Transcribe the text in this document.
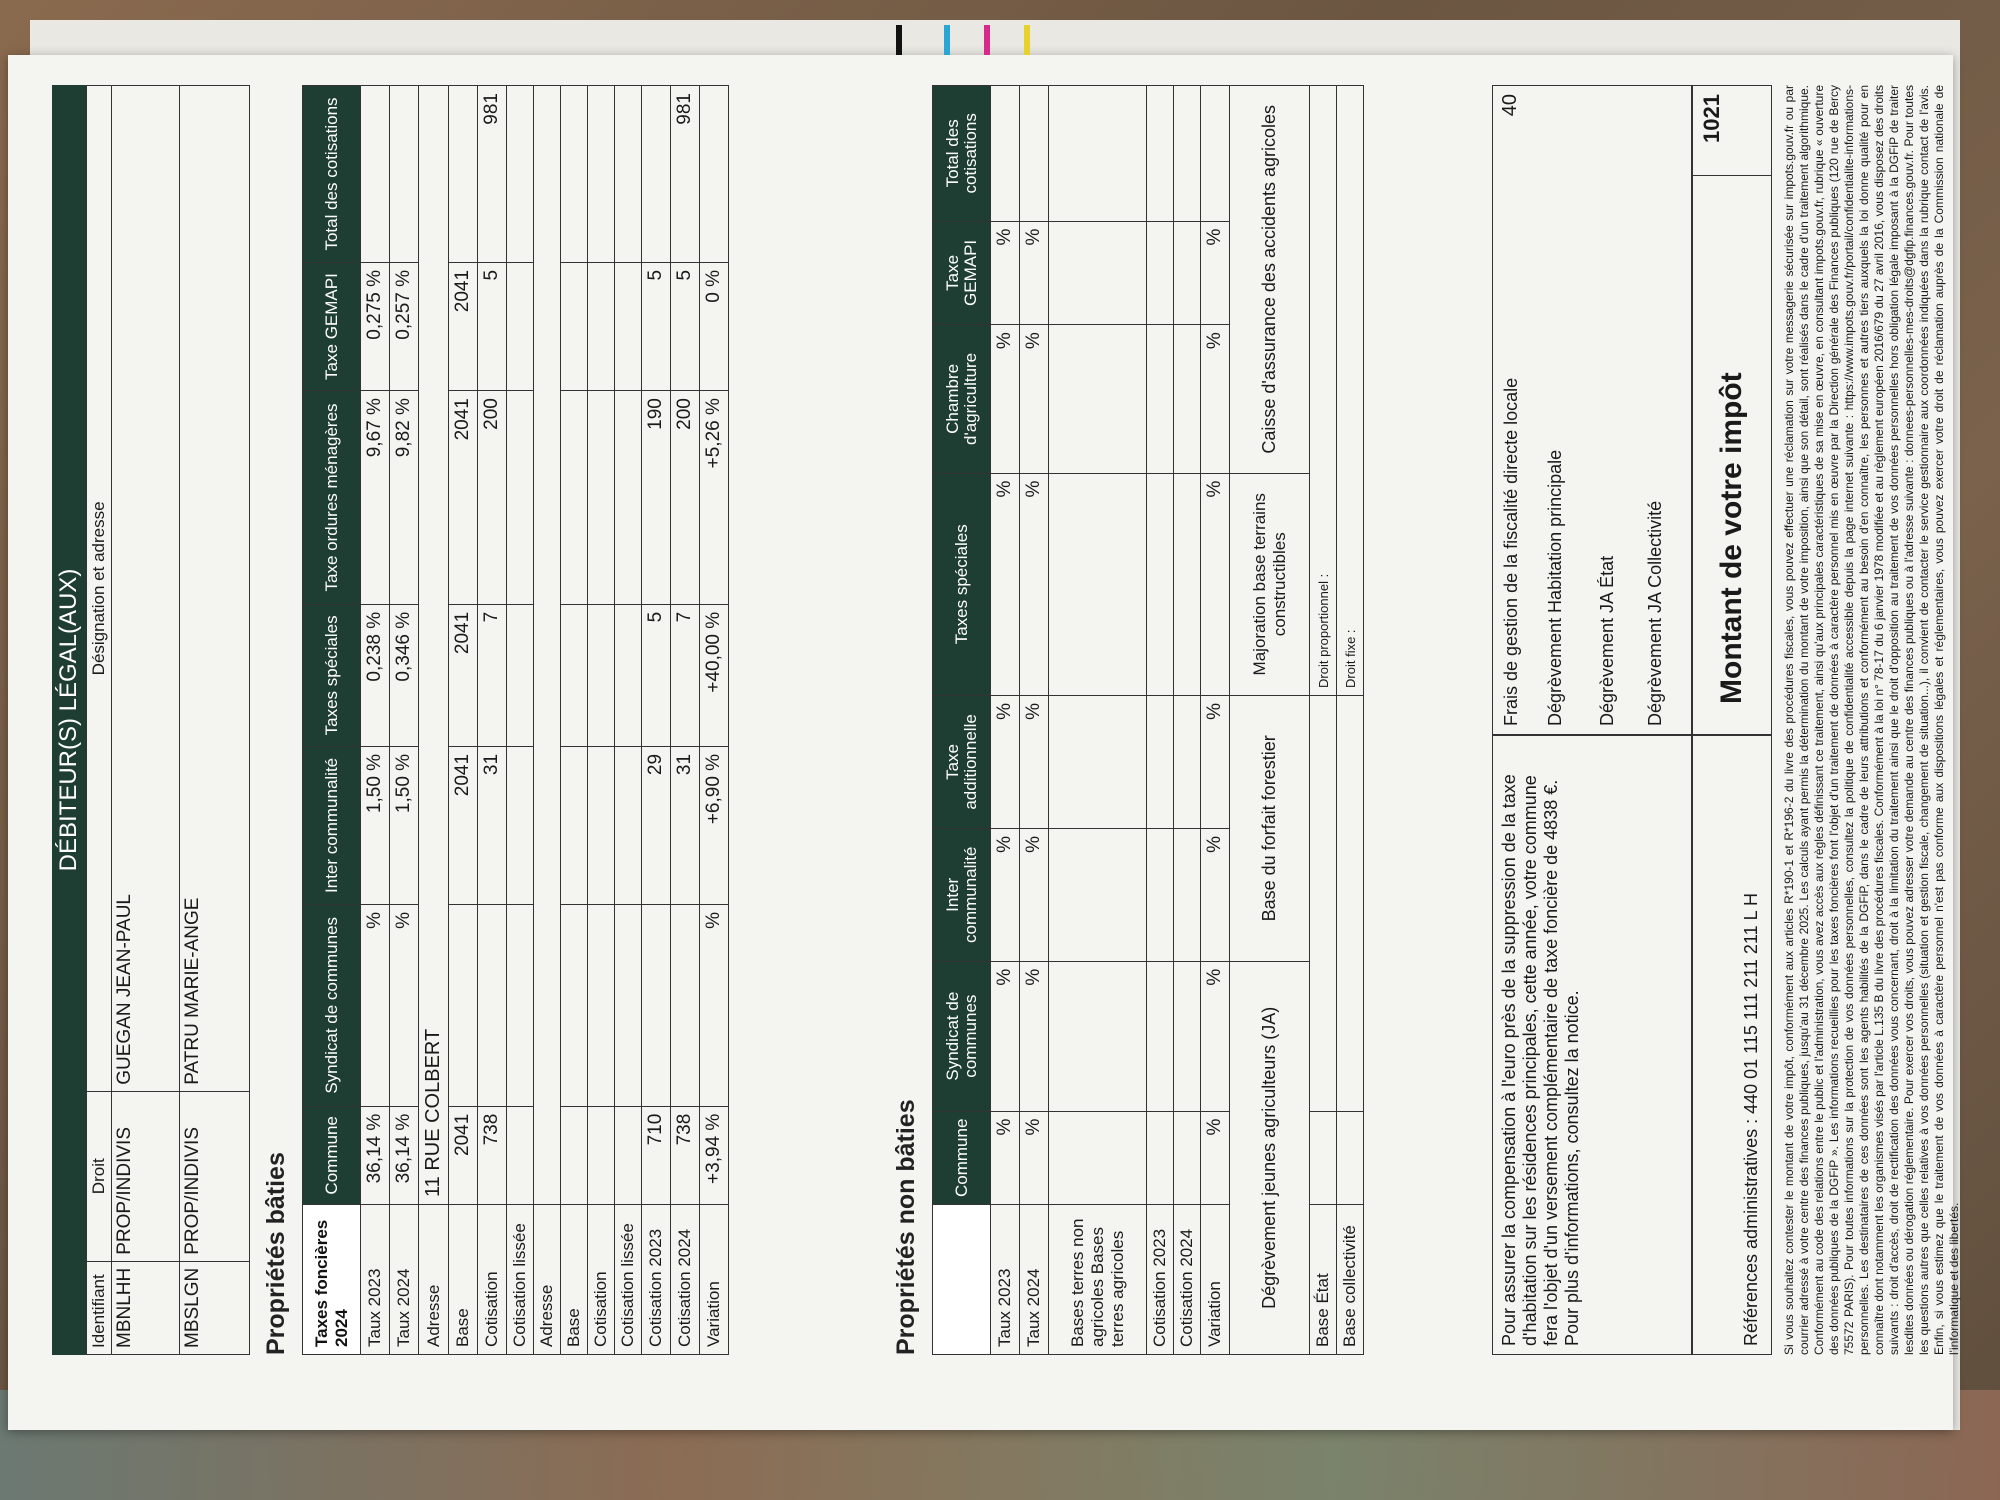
DÉBITEUR(S) LÉGAL(AUX)
Identifiant	Droit	Désignation et adresse
MBNLHH	PROP/INDIVIS	GUEGAN JEAN-PAUL
MBSLGN	PROP/INDIVIS	PATRU MARIE-ANGE
Propriétés bâties Taxes foncières 2024	Commune	Syndicat de communes	Inter communalité	Taxes spéciales	Taxe ordures ménagères	Taxe GEMAPI	Total des cotisations
Taux 2023	36,14 %	%	1,50 %	0,238 %	9,67 %	0,275 %	
Taux 2024	36,14 %	%	1,50 %	0,346 %	9,82 %	0,257 %	
Adresse	11 RUE COLBERT						
Base	2041		2041	2041	2041	2041	
Cotisation	738		31	7	200	5	981
Cotisation lissée							
Adresse							
Base							
Cotisation							
Cotisation lissée							
Cotisation 2023	710		29	5	190	5	
Cotisation 2024	738		31	7	200	5	981
Variation	+3,94 %	%	+6,90 %	+40,00 %	+5,26 %	0 %	
Propriétés non bâties
	Commune	Syndicat de communes	Inter communalité	Taxe additionnelle	Taxes spéciales	Chambre d'agriculture	Taxe GEMAPI	Total des cotisations
Taux 2023	%	%	%	%	%	%	%	
Taux 2024	%	%	%	%	%	%	%	
Bases terres non agricoles Bases terres agricoles								
Cotisation 2023								
Cotisation 2024								
Variation	%	%	%	%	%	%	%	
Dégrèvement jeunes agriculteurs (JA)			Base du forfait forestier		Majoration base terrains constructibles	Caisse d'assurance des accidents agricoles		
Base État					Droit proportionnel :			
Base collectivité					Droit fixe :			
Pour assurer la compensation à l'euro près de la suppression de la taxe d'habitation sur les résidences principales, cette année, votre commune fera l'objet d'un versement complémentaire de taxe foncière de 4838 €.
Pour plus d'informations, consultez la notice.
Frais de gestion de la fiscalité directe locale
40
Dégrèvement Habitation principale	Dégrèvement JA État	Dégrèvement JA Collectivité
Références administratives : 440 01 115 111 211 211 L H
Montant de votre impôt
1021	Si vous souhaitez contester le montant de votre impôt, conformément aux articles R*190-1 et R*196-2 du livre des procédures fiscales, vous pouvez effectuer une réclamation sur votre messagerie sécurisée sur impots.gouv.fr ou par courrier adressé à votre centre des finances publiques, jusqu'au 31 décembre 2025. Les calculs ayant permis la détermination du montant de votre imposition, ainsi que son détail, sont réalisés dans le cadre d'un traitement algorithmique. Conformément au code des relations entre le public et l'administration, vous avez accès aux règles définissant ce traitement, ainsi qu'aux principales caractéristiques de sa mise en œuvre, en consultant impots.gouv.fr, rubrique « ouverture des données publiques de la DGFiP ». Les informations recueillies pour les taxes foncières font l'objet d'un traitement de données à caractère personnel mis en œuvre par la Direction générale des Finances publiques (120 rue de Bercy 75572 PARIS). Pour toutes informations sur la protection de vos données personnelles, consultez la politique de confidentialité accessible depuis la page internet suivante : https://www.impots.gouv.fr/portail/confidentialite-informations-personnelles. Les destinataires de ces données sont les agents habilités de la DGFiP, dans le cadre de leurs attributions et conformément au besoin d'en connaître, les personnes et autres tiers auxquels la loi donne qualité pour en connaître dont notamment les organismes visés par l'article L.135 B du livre des procédures fiscales. Conformément à la loi n° 78-17 du 6 janvier 1978 modifiée et au règlement européen 2016/679 du 27 avril 2016, vous disposez des droits suivants : droit d'accès, droit de rectification des données vous concernant, droit à la limitation du traitement ainsi que le droit d'opposition au traitement de vos données personnelles hors obligation légale imposant à la DGFiP de traiter lesdites données ou dérogation réglementaire. Pour exercer vos droits, vous pouvez adresser votre demande au centre des finances publiques ou à l'adresse suivante : donnees-personnelles-mes-droits@dgfip.finances.gouv.fr. Pour toutes les questions autres que celles relatives à vos données personnelles (situation et gestion fiscale, changement de situation...), il convient de contacter le service gestionnaire aux coordonnées indiquées dans la rubrique contact de l'avis. Enfin, si vous estimez que le traitement de vos données à caractère personnel n'est pas conforme aux dispositions légales et réglementaires, vous pouvez exercer votre droit de réclamation auprès de la Commission nationale de l'informatique et des libertés.
